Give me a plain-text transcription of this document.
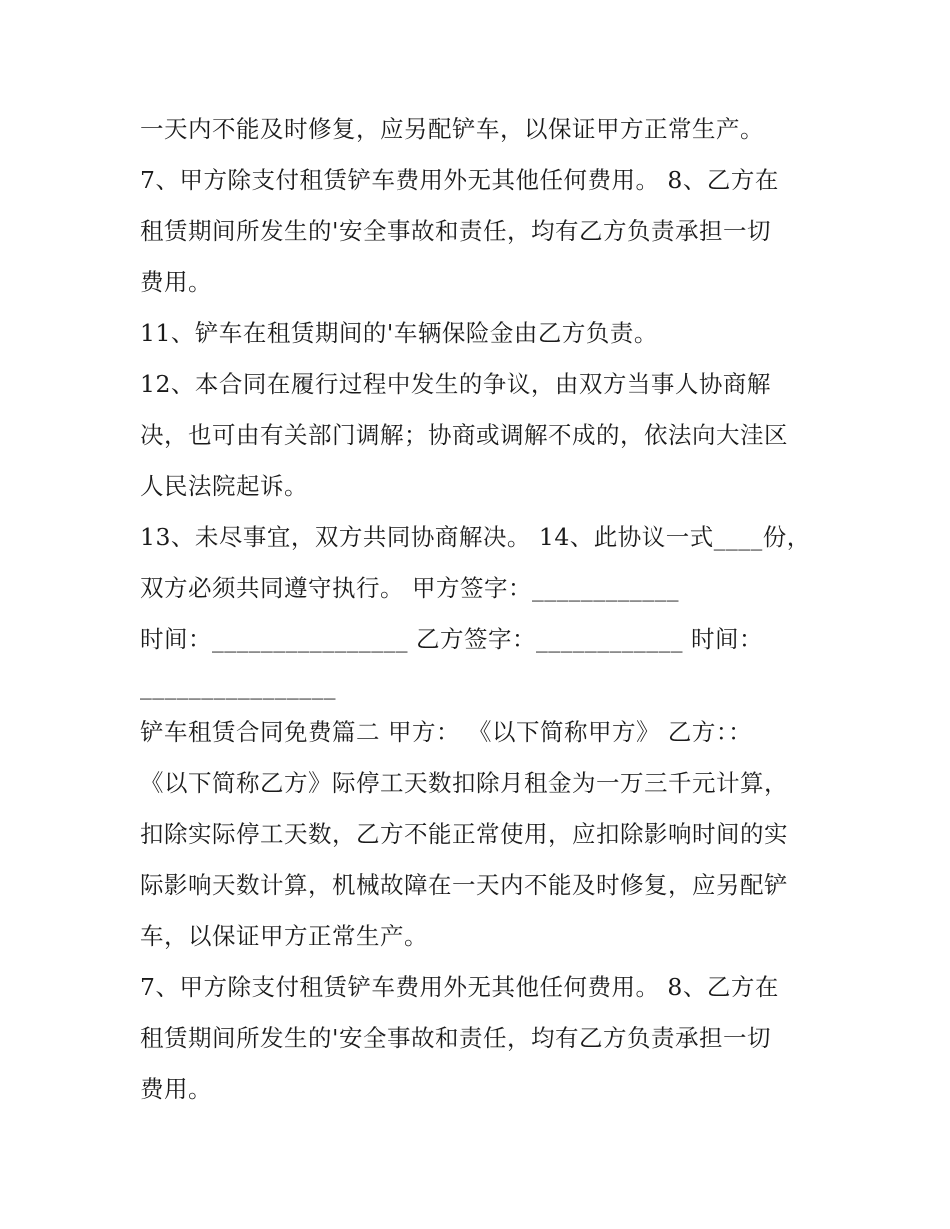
一天内不能及时修复，应另配铲车，以保证甲方正常生产。

7、甲方除支付租赁铲车费用外无其他任何费用。 8、乙方在

租赁期间所发生的'安全事故和责任，均有乙方负责承担一切

费用。

11、铲车在租赁期间的'车辆保险金由乙方负责。

12、本合同在履行过程中发生的争议，由双方当事人协商解

决，也可由有关部门调解；协商或调解不成的，依法向大洼区

人民法院起诉。

13、未尽事宜，双方共同协商解决。 14、此协议一式____份，

双方必须共同遵守执行。 甲方签字：____________

时间：________________ 乙方签字：____________ 时间：

________________

铲车租赁合同免费篇二 甲方： 《以下简称甲方》 乙方：：

《以下简称乙方》际停工天数扣除月租金为一万三千元计算，

扣除实际停工天数，乙方不能正常使用，应扣除影响时间的实

际影响天数计算，机械故障在一天内不能及时修复，应另配铲

车，以保证甲方正常生产。

7、甲方除支付租赁铲车费用外无其他任何费用。 8、乙方在

租赁期间所发生的'安全事故和责任，均有乙方负责承担一切

费用。
